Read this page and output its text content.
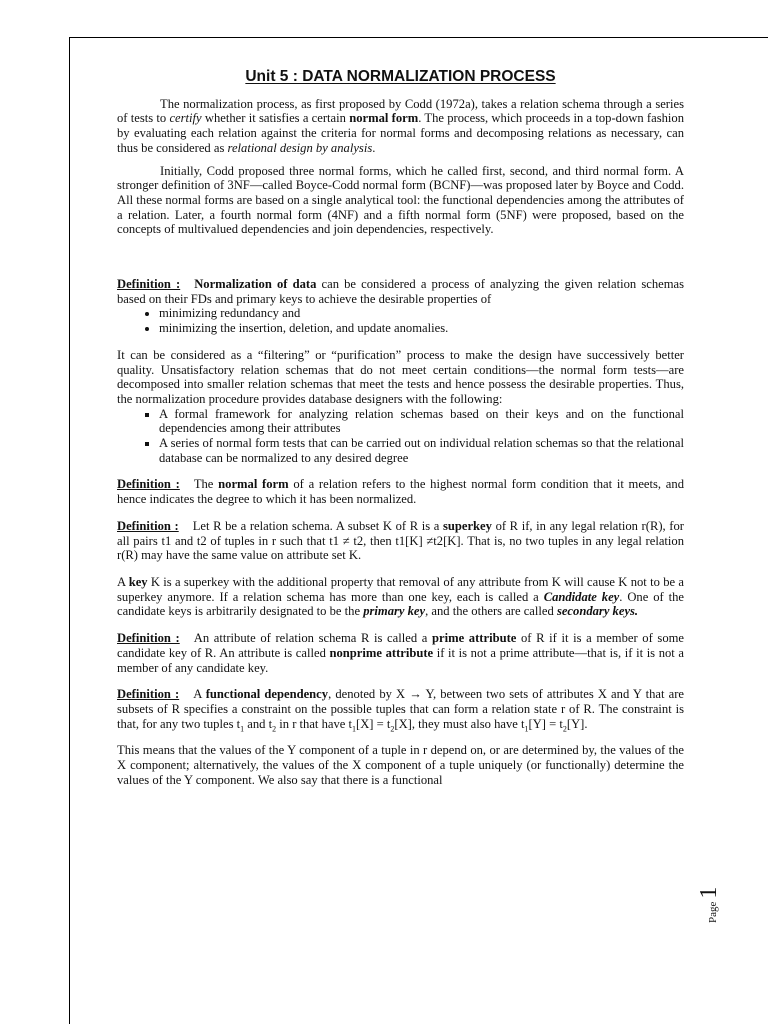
Unit 5 : DATA NORMALIZATION PROCESS

The normalization process, as first proposed by Codd (1972a), takes a relation schema through a series of tests to certify whether it satisfies a certain normal form. The process, which proceeds in a top-down fashion by evaluating each relation against the criteria for normal forms and decomposing relations as necessary, can thus be considered as relational design by analysis.

Initially, Codd proposed three normal forms, which he called first, second, and third normal form. A stronger definition of 3NF—called Boyce-Codd normal form (BCNF)—was proposed later by Boyce and Codd. All these normal forms are based on a single analytical tool: the functional dependencies among the attributes of a relation. Later, a fourth normal form (4NF) and a fifth normal form (5NF) were proposed, based on the concepts of multivalued dependencies and join dependencies, respectively.

Definition : Normalization of data can be considered a process of analyzing the given relation schemas based on their FDs and primary keys to achieve the desirable properties of

• minimizing redundancy and
• minimizing the insertion, deletion, and update anomalies.

It can be considered as a “filtering” or “purification” process to make the design have successively better quality. Unsatisfactory relation schemas that do not meet certain conditions—the normal form tests—are decomposed into smaller relation schemas that meet the tests and hence possess the desirable properties. Thus, the normalization procedure provides database designers with the following:

▪ A formal framework for analyzing relation schemas based on their keys and on the functional dependencies among their attributes
▪ A series of normal form tests that can be carried out on individual relation schemas so that the relational database can be normalized to any desired degree

Definition : The normal form of a relation refers to the highest normal form condition that it meets, and hence indicates the degree to which it has been normalized.

Definition : Let R be a relation schema. A subset K of R is a superkey of R if, in any legal relation r(R), for all pairs t1 and t2 of tuples in r such that t1 ≠ t2, then t1[K] ≠t2[K]. That is, no two tuples in any legal relation r(R) may have the same value on attribute set K.

A key K is a superkey with the additional property that removal of any attribute from K will cause K not to be a superkey anymore. If a relation schema has more than one key, each is called a Candidate key. One of the candidate keys is arbitrarily designated to be the primary key, and the others are called secondary keys.

Definition : An attribute of relation schema R is called a prime attribute of R if it is a member of some candidate key of R. An attribute is called nonprime attribute if it is not a prime attribute—that is, if it is not a member of any candidate key.

Definition : A functional dependency, denoted by X → Y, between two sets of attributes X and Y that are subsets of R specifies a constraint on the possible tuples that can form a relation state r of R. The constraint is that, for any two tuples $t_1$ and $t_2$ in r that have $t_1[X] = t_2[X]$, they must also have $t_1[Y] = t_2[Y]$.

This means that the values of the Y component of a tuple in r depend on, or are determined by, the values of the X component; alternatively, the values of the X component of a tuple uniquely (or functionally) determine the values of the Y component. We also say that there is a functional

Page
1
